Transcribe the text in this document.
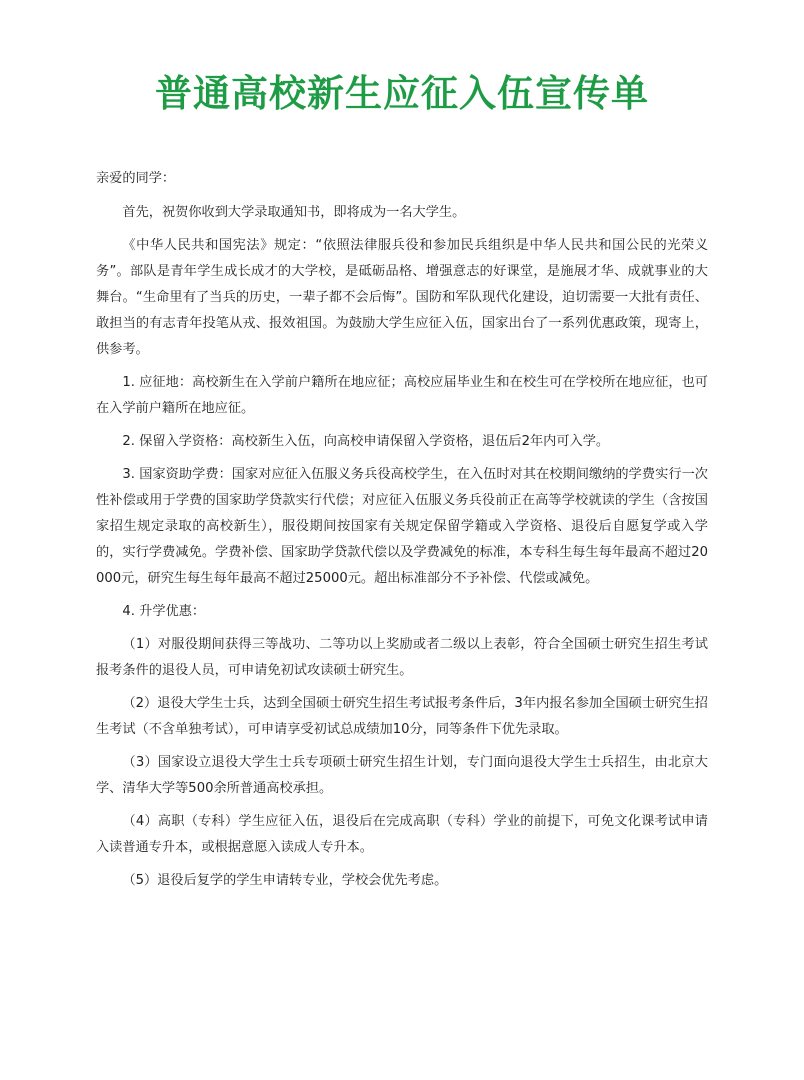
普通高校新生应征入伍宣传单

亲爱的同学：

首先，祝贺你收到大学录取通知书，即将成为一名大学生。

《中华人民共和国宪法》规定：“依照法律服兵役和参加民兵组织是中华人民共和国公民的光荣义务”。部队是青年学生成长成才的大学校，是砥砺品格、增强意志的好课堂，是施展才华、成就事业的大舞台。“生命里有了当兵的历史，一辈子都不会后悔”。国防和军队现代化建设，迫切需要一大批有责任、敢担当的有志青年投笔从戎、报效祖国。为鼓励大学生应征入伍，国家出台了一系列优惠政策，现寄上，供参考。

1. 应征地：高校新生在入学前户籍所在地应征；高校应届毕业生和在校生可在学校所在地应征，也可在入学前户籍所在地应征。

2. 保留入学资格：高校新生入伍，向高校申请保留入学资格，退伍后2年内可入学。

3. 国家资助学费：国家对应征入伍服义务兵役高校学生，在入伍时对其在校期间缴纳的学费实行一次性补偿或用于学费的国家助学贷款实行代偿；对应征入伍服义务兵役前正在高等学校就读的学生（含按国家招生规定录取的高校新生），服役期间按国家有关规定保留学籍或入学资格、退役后自愿复学或入学的，实行学费减免。学费补偿、国家助学贷款代偿以及学费减免的标准，本专科生每生每年最高不超过20000元，研究生每生每年最高不超过25000元。超出标准部分不予补偿、代偿或减免。

4. 升学优惠：

（1）对服役期间获得三等战功、二等功以上奖励或者二级以上表彰，符合全国硕士研究生招生考试报考条件的退役人员，可申请免初试攻读硕士研究生。

（2）退役大学生士兵，达到全国硕士研究生招生考试报考条件后，3年内报名参加全国硕士研究生招生考试（不含单独考试），可申请享受初试总成绩加10分，同等条件下优先录取。

（3）国家设立退役大学生士兵专项硕士研究生招生计划，专门面向退役大学生士兵招生，由北京大学、清华大学等500余所普通高校承担。

（4）高职（专科）学生应征入伍，退役后在完成高职（专科）学业的前提下，可免文化课考试申请入读普通专升本，或根据意愿入读成人专升本。

（5）退役后复学的学生申请转专业，学校会优先考虑。
